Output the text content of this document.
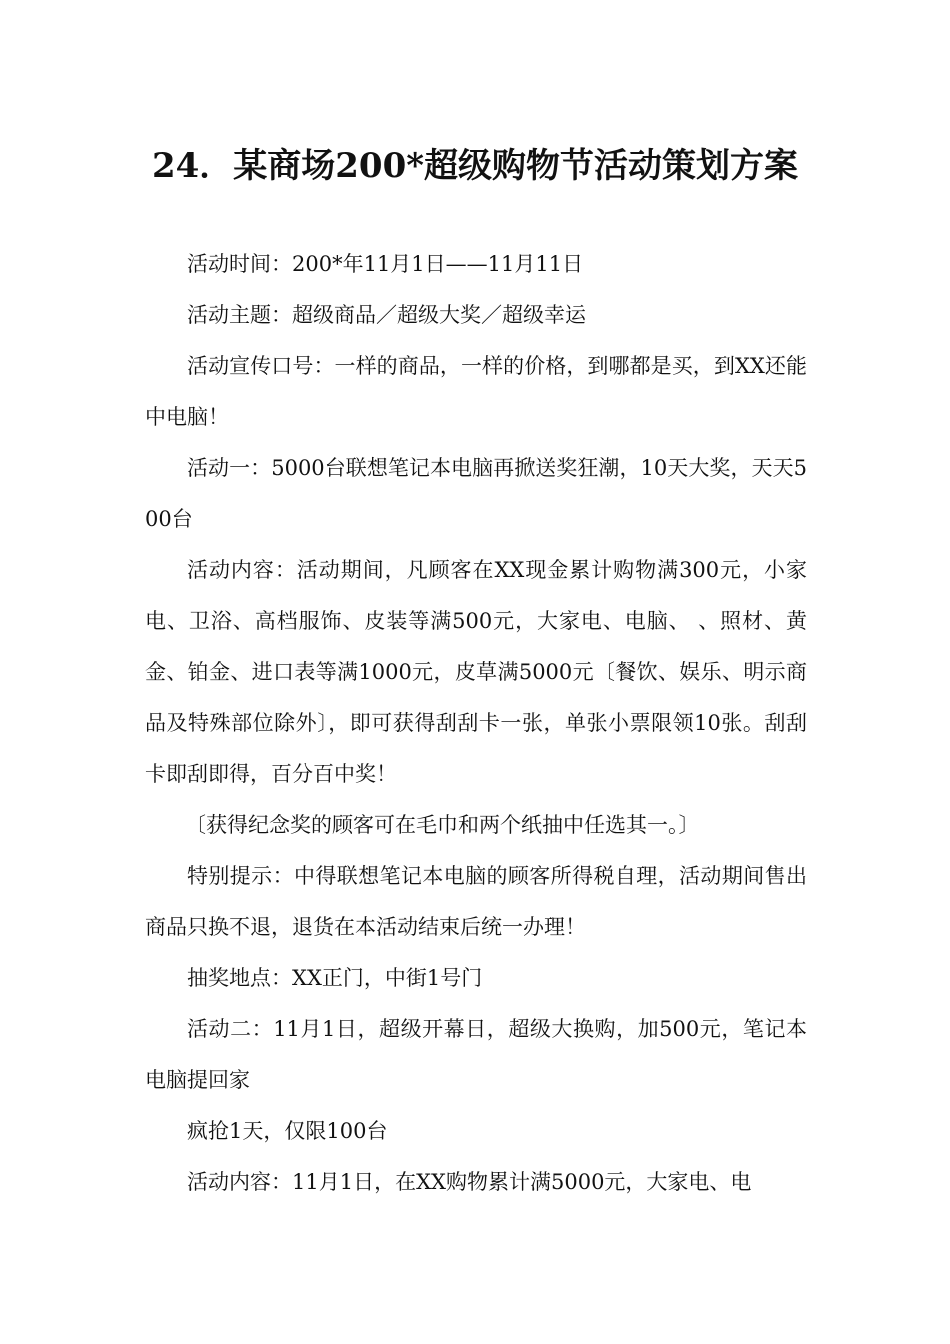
24．某商场200*超级购物节活动策划方案

活动时间：200*年11月1日——11月11日

活动主题：超级商品／超级大奖／超级幸运

活动宣传口号：一样的商品，一样的价格，到哪都是买，到XX还能中电脑！

活动一：5000台联想笔记本电脑再掀送奖狂潮，10天大奖，天天500台

活动内容：活动期间，凡顾客在XX现金累计购物满300元，小家电、卫浴、高档服饰、皮装等满500元，大家电、电脑、 、照材、黄金、铂金、进口表等满1000元，皮草满5000元〔餐饮、娱乐、明示商品及特殊部位除外〕，即可获得刮刮卡一张，单张小票限领10张。刮刮卡即刮即得，百分百中奖！

〔获得纪念奖的顾客可在毛巾和两个纸抽中任选其一。〕

特别提示：中得联想笔记本电脑的顾客所得税自理，活动期间售出商品只换不退，退货在本活动结束后统一办理！

抽奖地点：XX正门，中街1号门

活动二：11月1日，超级开幕日，超级大换购，加500元，笔记本电脑提回家

疯抢1天，仅限100台

活动内容：11月1日，在XX购物累计满5000元，大家电、电
